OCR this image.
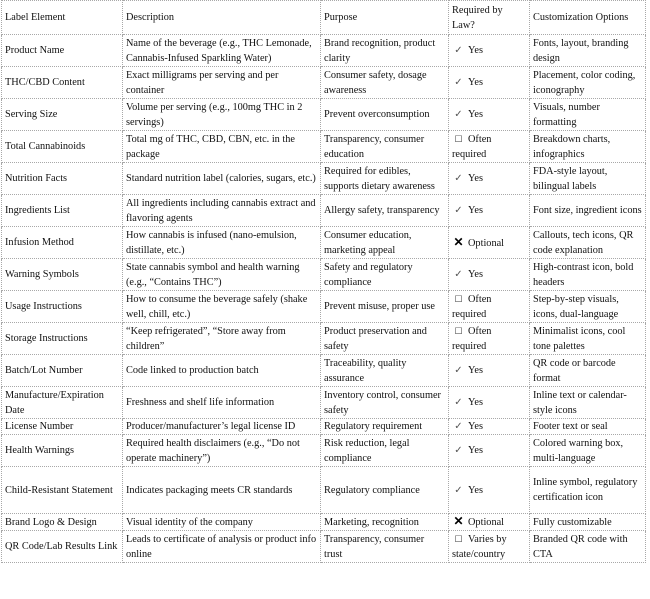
Label Element	Description	Purpose	Required by Law?	Customization Options
Product Name	Name of the beverage (e.g., THC Lemonade, Cannabis-Infused Sparkling Water)	Brand recognition, product clarity	✓ Yes	Fonts, layout, branding design
THC/CBD Content	Exact milligrams per serving and per container	Consumer safety, dosage awareness	✓ Yes	Placement, color coding, iconography
Serving Size	Volume per serving (e.g., 100mg THC in 2 servings)	Prevent overconsumption	✓ Yes	Visuals, number formatting
Total Cannabinoids	Total mg of THC, CBD, CBN, etc. in the package	Transparency, consumer education	☐ Often required	Breakdown charts, infographics
Nutrition Facts	Standard nutrition label (calories, sugars, etc.)	Required for edibles, supports dietary awareness	✓ Yes	FDA-style layout, bilingual labels
Ingredients List	All ingredients including cannabis extract and flavoring agents	Allergy safety, transparency	✓ Yes	Font size, ingredient icons
Infusion Method	How cannabis is infused (nano-emulsion, distillate, etc.)	Consumer education, marketing appeal	✕ Optional	Callouts, tech icons, QR code explanation
Warning Symbols	State cannabis symbol and health warning (e.g., “Contains THC”)	Safety and regulatory compliance	✓ Yes	High-contrast icon, bold headers
Usage Instructions	How to consume the beverage safely (shake well, chill, etc.)	Prevent misuse, proper use	☐ Often required	Step-by-step visuals, icons, dual-language
Storage Instructions	“Keep refrigerated”, “Store away from children”	Product preservation and safety	☐ Often required	Minimalist icons, cool tone palettes
Batch/Lot Number	Code linked to production batch	Traceability, quality assurance	✓ Yes	QR code or barcode format
Manufacture/Expiration Date	Freshness and shelf life information	Inventory control, consumer safety	✓ Yes	Inline text or calendar-style icons
License Number	Producer/manufacturer’s legal license ID	Regulatory requirement	✓ Yes	Footer text or seal
Health Warnings	Required health disclaimers (e.g., “Do not operate machinery”)	Risk reduction, legal compliance	✓ Yes	Colored warning box, multi-language
Child-Resistant Statement	Indicates packaging meets CR standards	Regulatory compliance	✓ Yes	Inline symbol, regulatory certification icon
Brand Logo & Design	Visual identity of the company	Marketing, recognition	✕ Optional	Fully customizable
QR Code/Lab Results Link	Leads to certificate of analysis or product info online	Transparency, consumer trust	☐ Varies by state/country	Branded QR code with CTA
